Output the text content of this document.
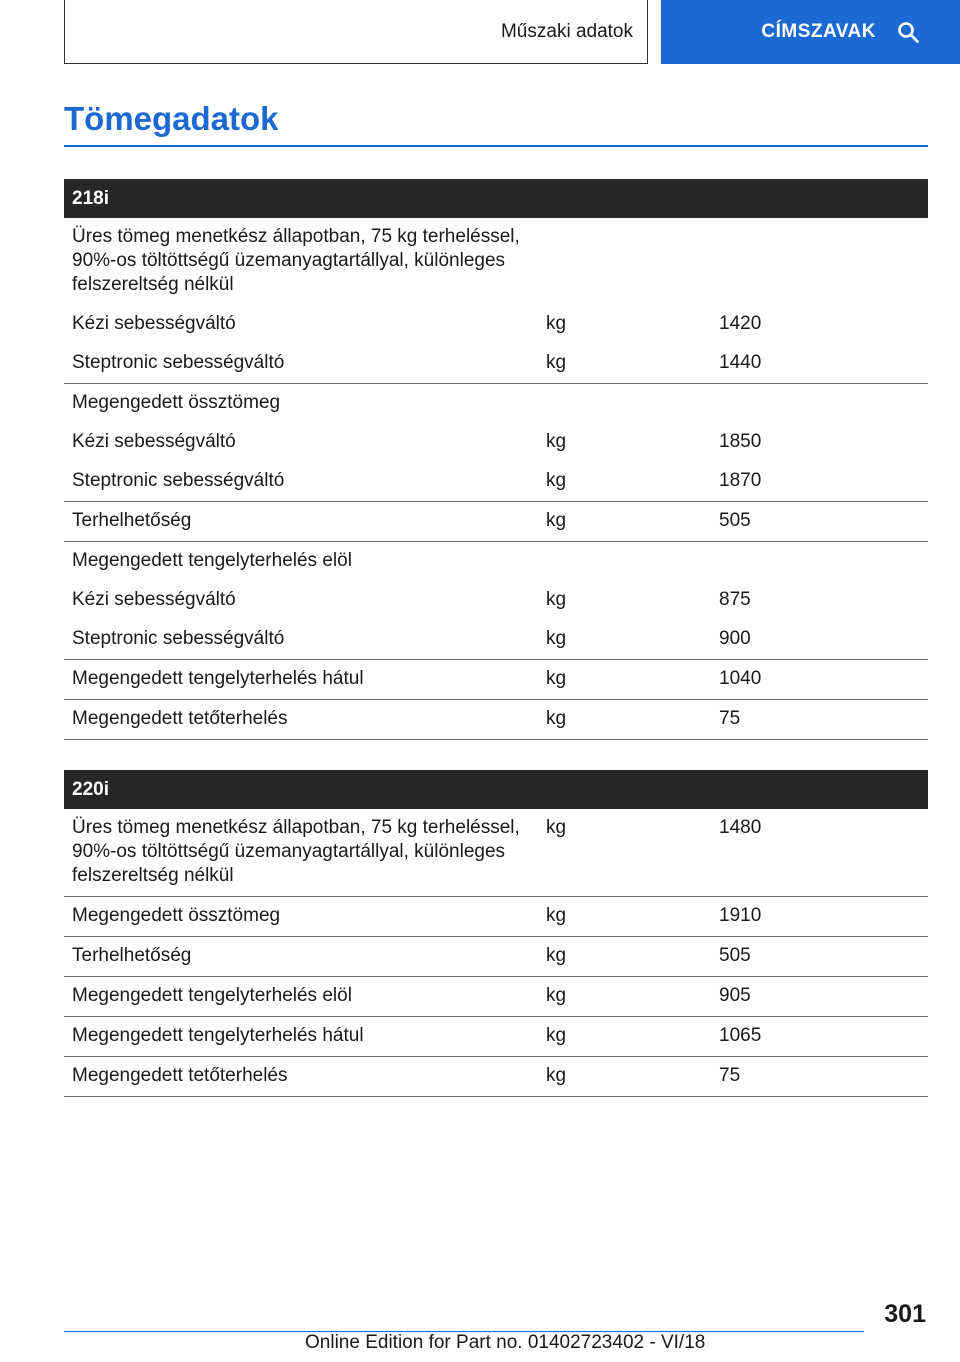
Műszaki adatok	CÍMSZAVAK
Tömegadatok
218i		
Üres tömeg menetkész állapotban, 75 kg terheléssel, 90%-os töltöttségű üzemanyagtartállyal, különleges felszereltség nélkül		
Kézi sebességváltó	kg	1420
Steptronic sebességváltó	kg	1440
Megengedett össztömeg		
Kézi sebességváltó	kg	1850
Steptronic sebességváltó	kg	1870
Terhelhetőség	kg	505
Megengedett tengelyterhelés elöl		
Kézi sebességváltó	kg	875
Steptronic sebességváltó	kg	900
Megengedett tengelyterhelés hátul	kg	1040
Megengedett tetőterhelés	kg	75
220i		
Üres tömeg menetkész állapotban, 75 kg terheléssel, 90%-os töltöttségű üzemanyagtartállyal, különleges felszereltség nélkül	kg	1480
Megengedett össztömeg	kg	1910
Terhelhetőség	kg	505
Megengedett tengelyterhelés elöl	kg	905
Megengedett tengelyterhelés hátul	kg	1065
Megengedett tetőterhelés	kg	75
301
Online Edition for Part no. 01402723402 - VI/18
